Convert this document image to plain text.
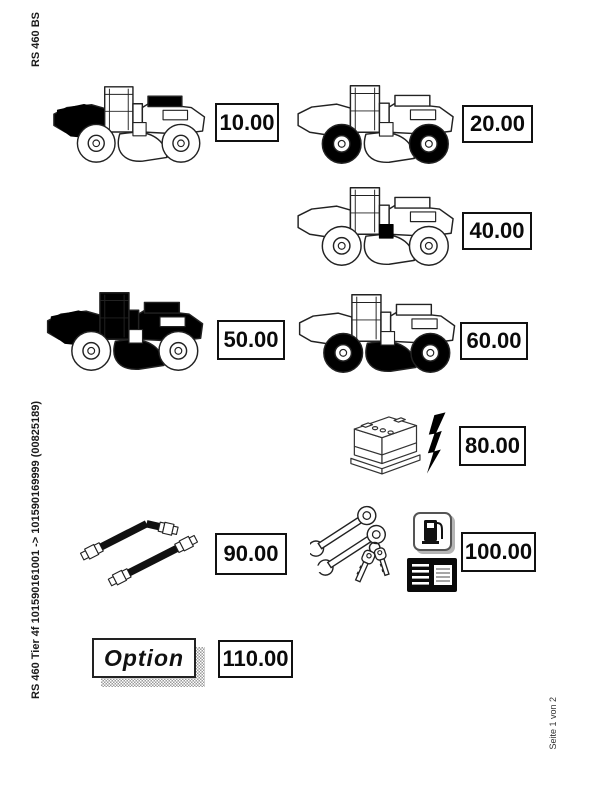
RS 460 BS
RS 460 Tier 4f 101590161001 -> 101590169999 (00825189)
Seite 1 von 2
10.00	20.00
40.00
50.00	60.00
80.00
90.00	100.00
Option 110.00
